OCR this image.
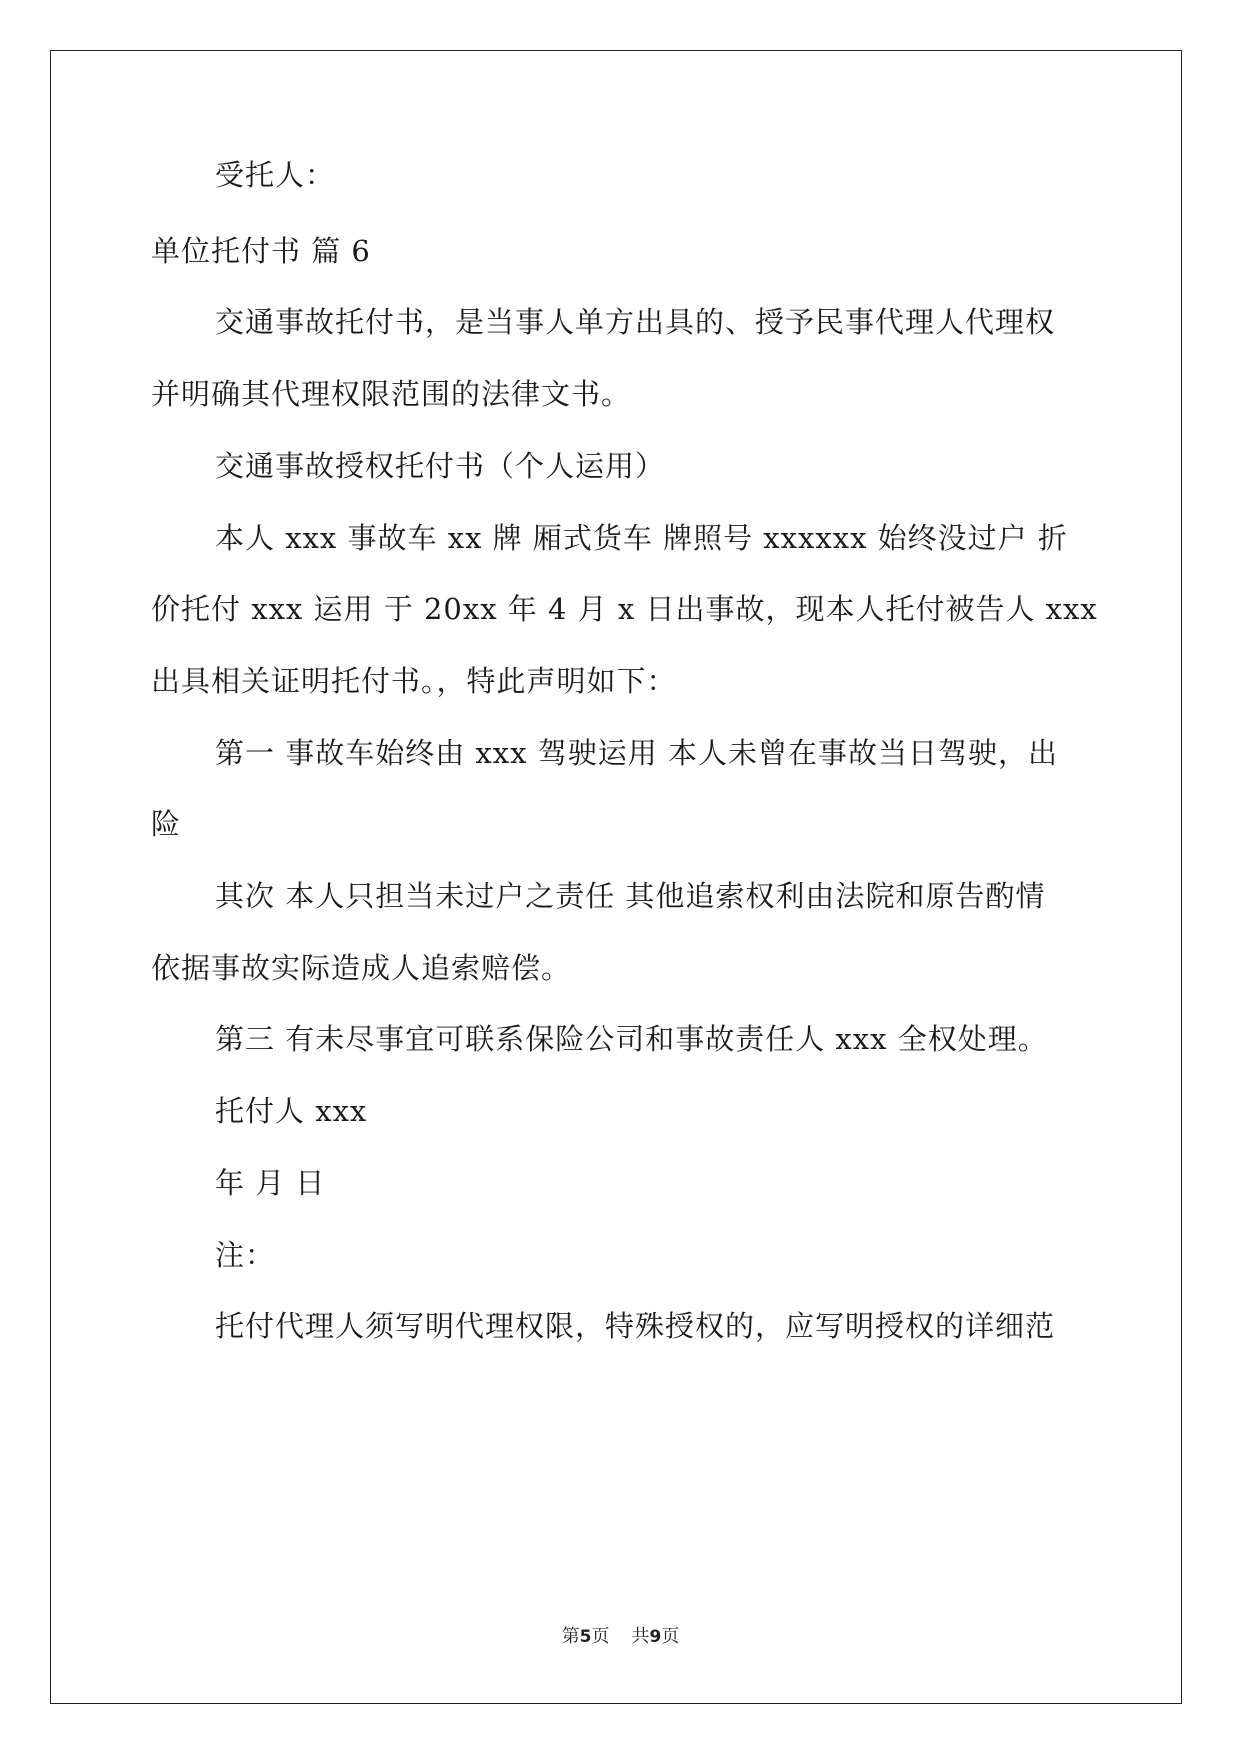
受托人：
单位托付书 篇 6
交通事故托付书，是当事人单方出具的、授予民事代理人代理权
并明确其代理权限范围的法律文书。
交通事故授权托付书（个人运用）
本人 xxx 事故车 xx 牌 厢式货车 牌照号 xxxxxx 始终没过户 折
价托付 xxx 运用 于 20xx 年 4 月 x 日出事故，现本人托付被告人 xxx
出具相关证明托付书。，特此声明如下：
第一 事故车始终由 xxx 驾驶运用 本人未曾在事故当日驾驶，出
险
其次 本人只担当未过户之责任 其他追索权利由法院和原告酌情
依据事故实际造成人追索赔偿。
第三 有未尽事宜可联系保险公司和事故责任人 xxx 全权处理。
托付人 xxx
年 月 日
注：
托付代理人须写明代理权限，特殊授权的，应写明授权的详细范
第5页 共9页
